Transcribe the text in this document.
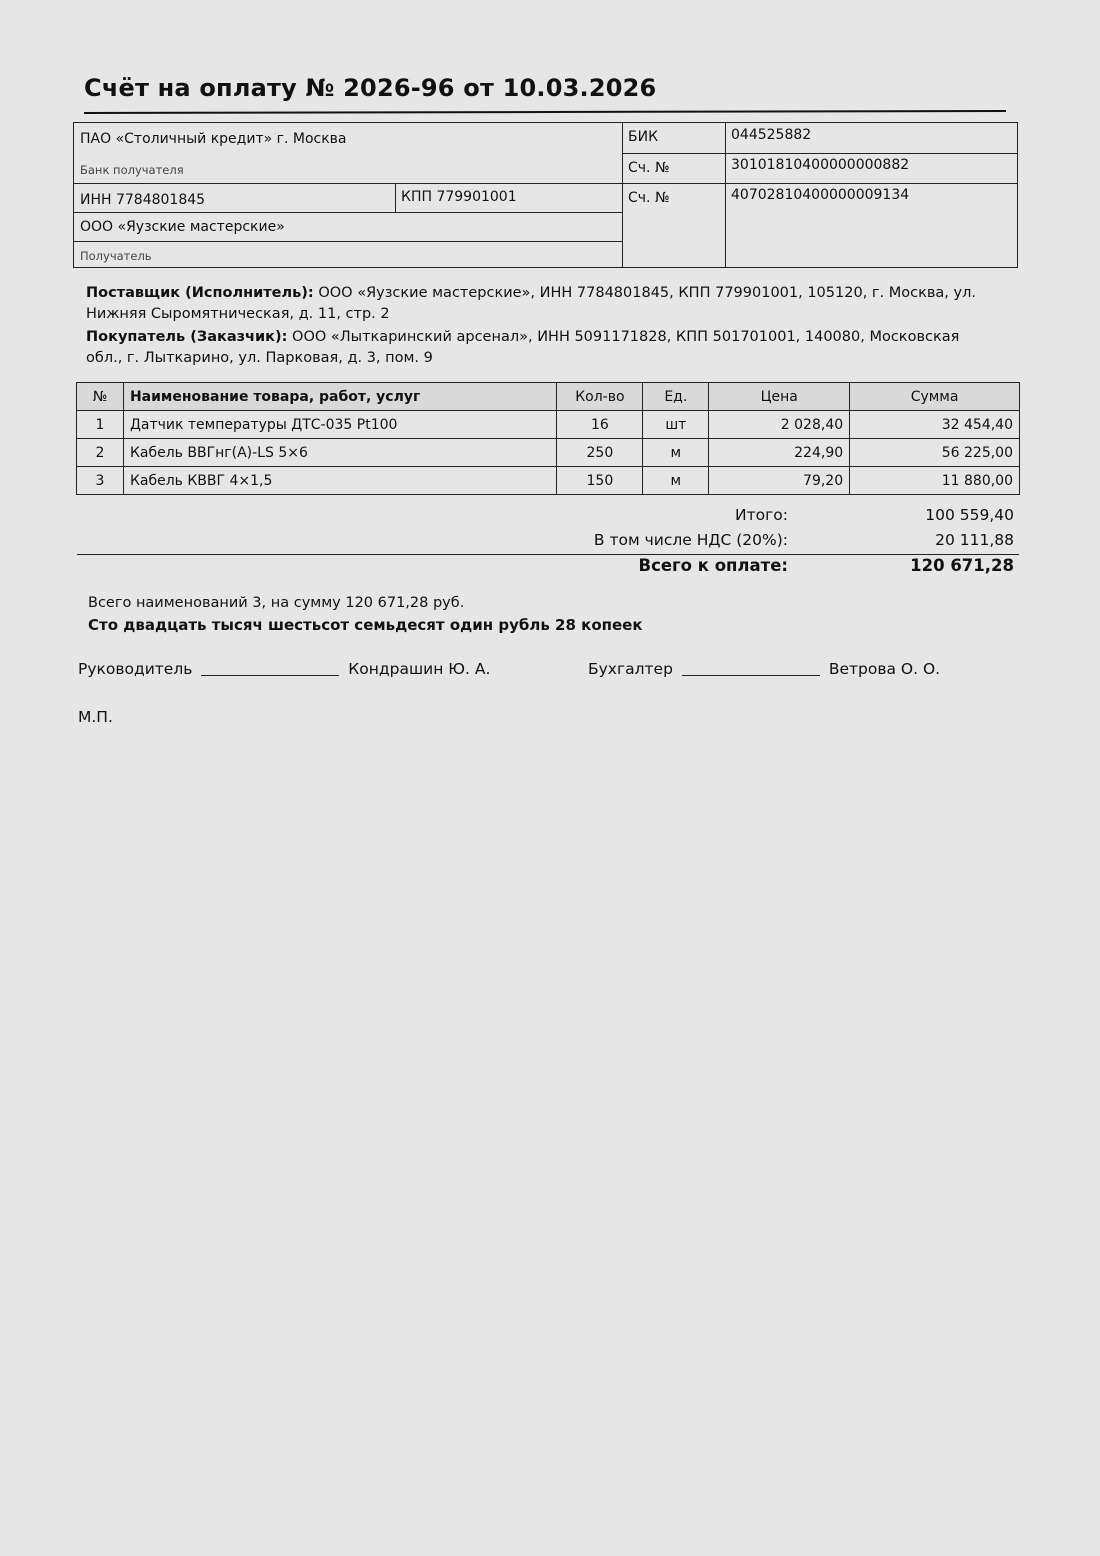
Счёт на оплату № 2026-96 от 10.03.2026
ПАО «Столичный кредит» г. Москва
Банк получателя
БИК	044525882
Сч. №	30101810400000000882
ИНН 7784801845	КПП 779901001	Сч. №	40702810400000009134
ООО «Яузские мастерские»
Получатель

Поставщик (Исполнитель): ООО «Яузские мастерские», ИНН 7784801845, КПП 779901001, 105120, г. Москва, ул. Нижняя Сыромятническая, д. 11, стр. 2

Покупатель (Заказчик): ООО «Лыткаринский арсенал», ИНН 5091171828, КПП 501701001, 140080, Московская обл., г. Лыткарино, ул. Парковая, д. 3, пом. 9

№	Наименование товара, работ, услуг	Кол-во	Ед.	Цена	Сумма
1	Датчик температуры ДТС-035 Pt100	16	шт	2 028,40	32 454,40
2	Кабель ВВГнг(А)-LS 5×6	250	м	224,90	56 225,00
3	Кабель КВВГ 4×1,5	150	м	79,20	11 880,00
Итого:	100 559,40
В том числе НДС (20%):	20 111,88
Всего к оплате:	120 671,28
Всего наименований 3, на сумму 120 671,28 руб.
Сто двадцать тысяч шестьсот семьдесят один рубль 28 копеек
Руководитель	Кондрашин Ю. А.	Бухгалтер	Ветрова О. О.
М.П.
